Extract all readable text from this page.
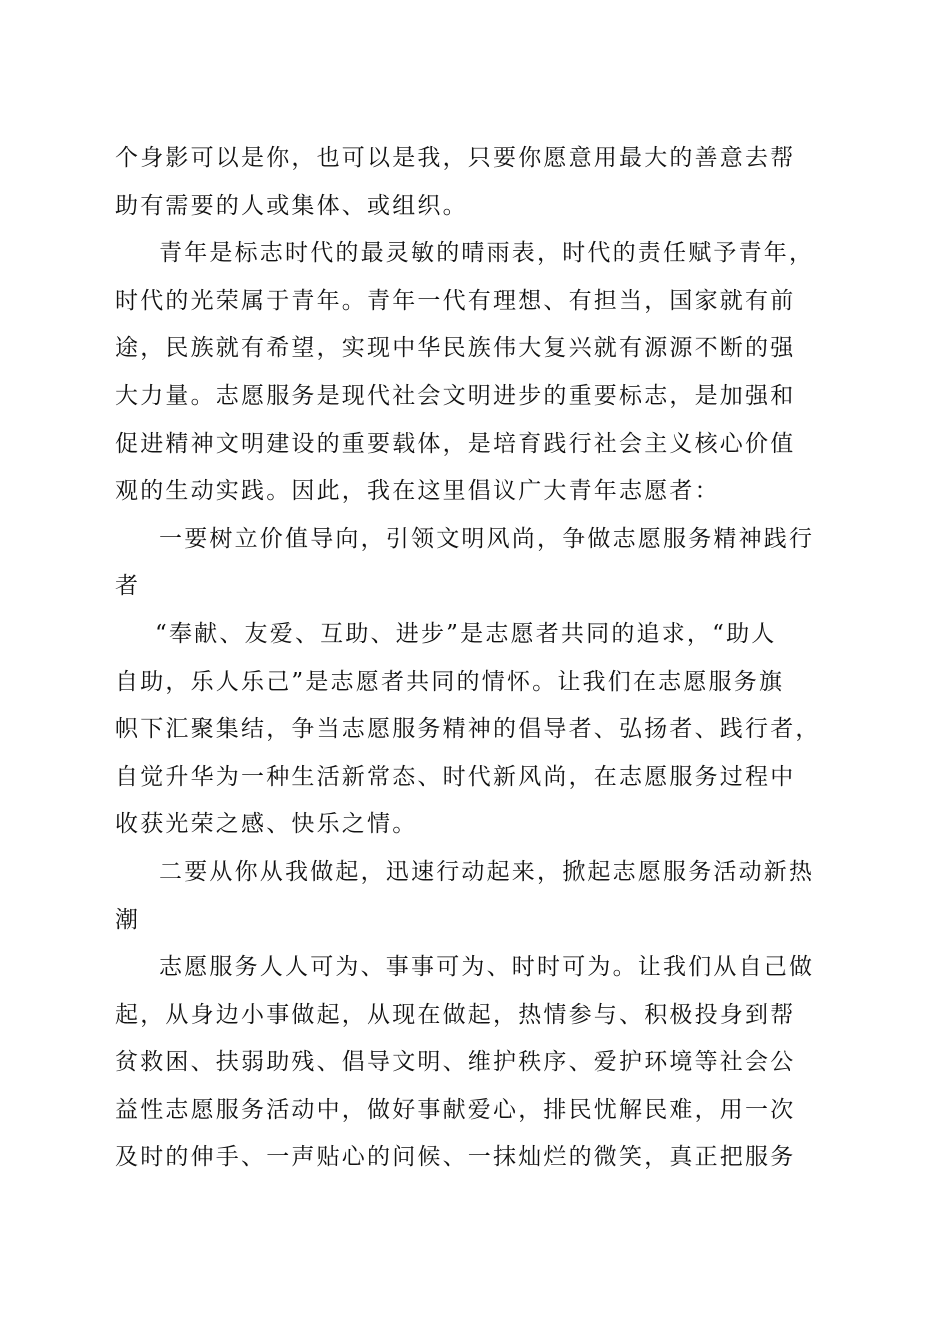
个身影可以是你，也可以是我，只要你愿意用最大的善意去帮
助有需要的人或集体、或组织。
青年是标志时代的最灵敏的晴雨表，时代的责任赋予青年，
时代的光荣属于青年。青年一代有理想、有担当，国家就有前
途，民族就有希望，实现中华民族伟大复兴就有源源不断的强
大力量。志愿服务是现代社会文明进步的重要标志，是加强和
促进精神文明建设的重要载体，是培育践行社会主义核心价值
观的生动实践。因此，我在这里倡议广大青年志愿者：
一要树立价值导向，引领文明风尚，争做志愿服务精神践行
者
“奉献、友爱、互助、进步”是志愿者共同的追求，“助人
自助，乐人乐己”是志愿者共同的情怀。让我们在志愿服务旗
帜下汇聚集结，争当志愿服务精神的倡导者、弘扬者、践行者，
自觉升华为一种生活新常态、时代新风尚，在志愿服务过程中
收获光荣之感、快乐之情。
二要从你从我做起，迅速行动起来，掀起志愿服务活动新热
潮
志愿服务人人可为、事事可为、时时可为。让我们从自己做
起，从身边小事做起，从现在做起，热情参与、积极投身到帮
贫救困、扶弱助残、倡导文明、维护秩序、爱护环境等社会公
益性志愿服务活动中，做好事献爱心，排民忧解民难，用一次
及时的伸手、一声贴心的问候、一抹灿烂的微笑，真正把服务
